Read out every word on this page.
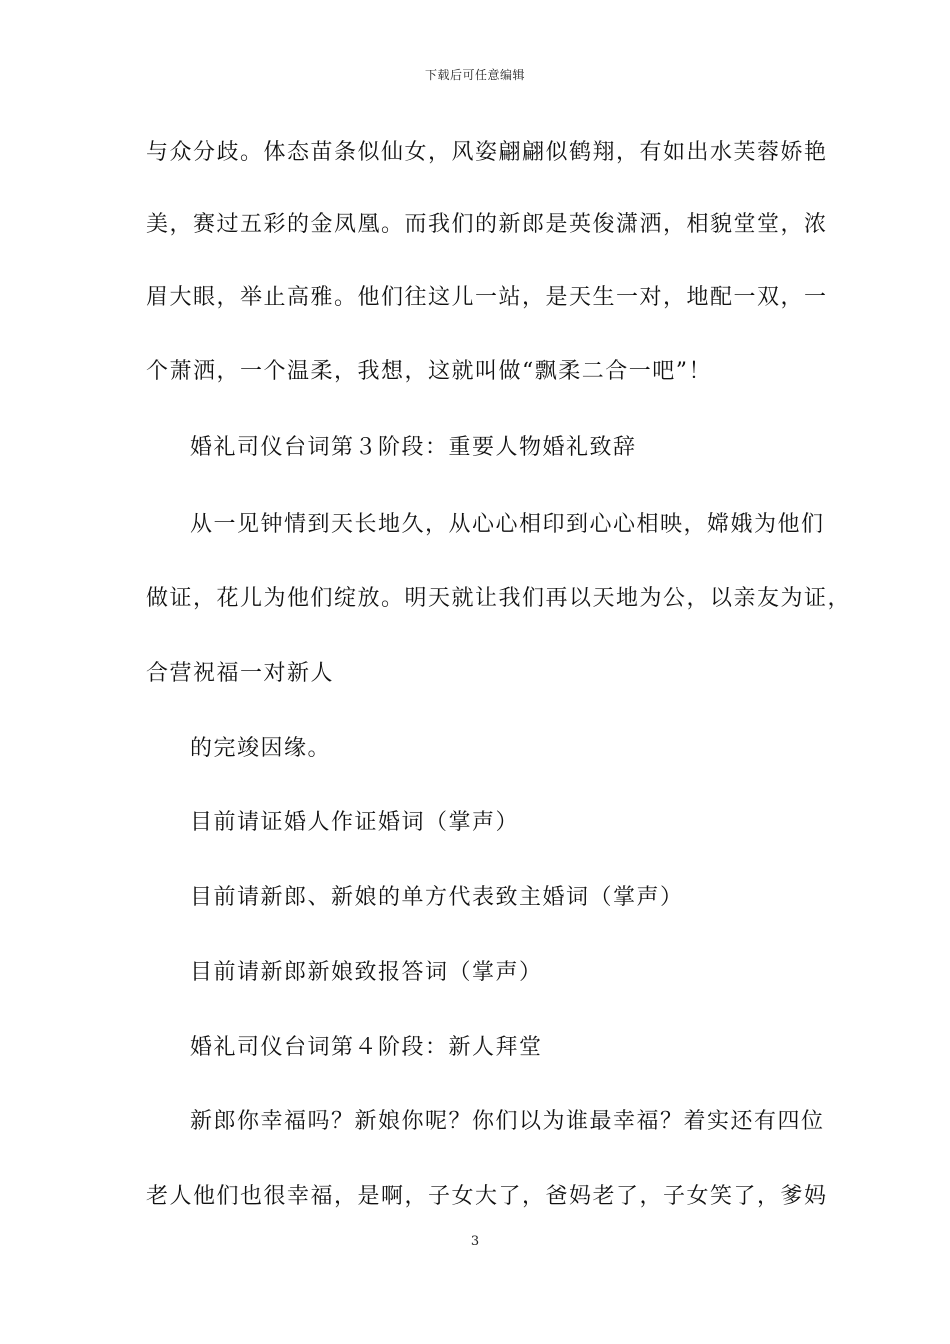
下载后可任意编辑
与众分歧。体态苗条似仙女，风姿翩翩似鹤翔，有如出水芙蓉娇艳
美，赛过五彩的金凤凰。而我们的新郎是英俊潇洒，相貌堂堂，浓
眉大眼，举止高雅。他们往这儿一站，是天生一对，地配一双，一
个萧洒，一个温柔，我想，这就叫做“飘柔二合一吧”！
婚礼司仪台词第３阶段：重要人物婚礼致辞
从一见钟情到天长地久，从心心相印到心心相映，嫦娥为他们
做证，花儿为他们绽放。明天就让我们再以天地为公，以亲友为证，
合营祝福一对新人
的完竣因缘。
目前请证婚人作证婚词（掌声）
目前请新郎、新娘的单方代表致主婚词（掌声）
目前请新郎新娘致报答词（掌声）
婚礼司仪台词第４阶段：新人拜堂
新郎你幸福吗？新娘你呢？你们以为谁最幸福？着实还有四位
老人他们也很幸福，是啊，子女大了，爸妈老了，子女笑了，爹妈
3
